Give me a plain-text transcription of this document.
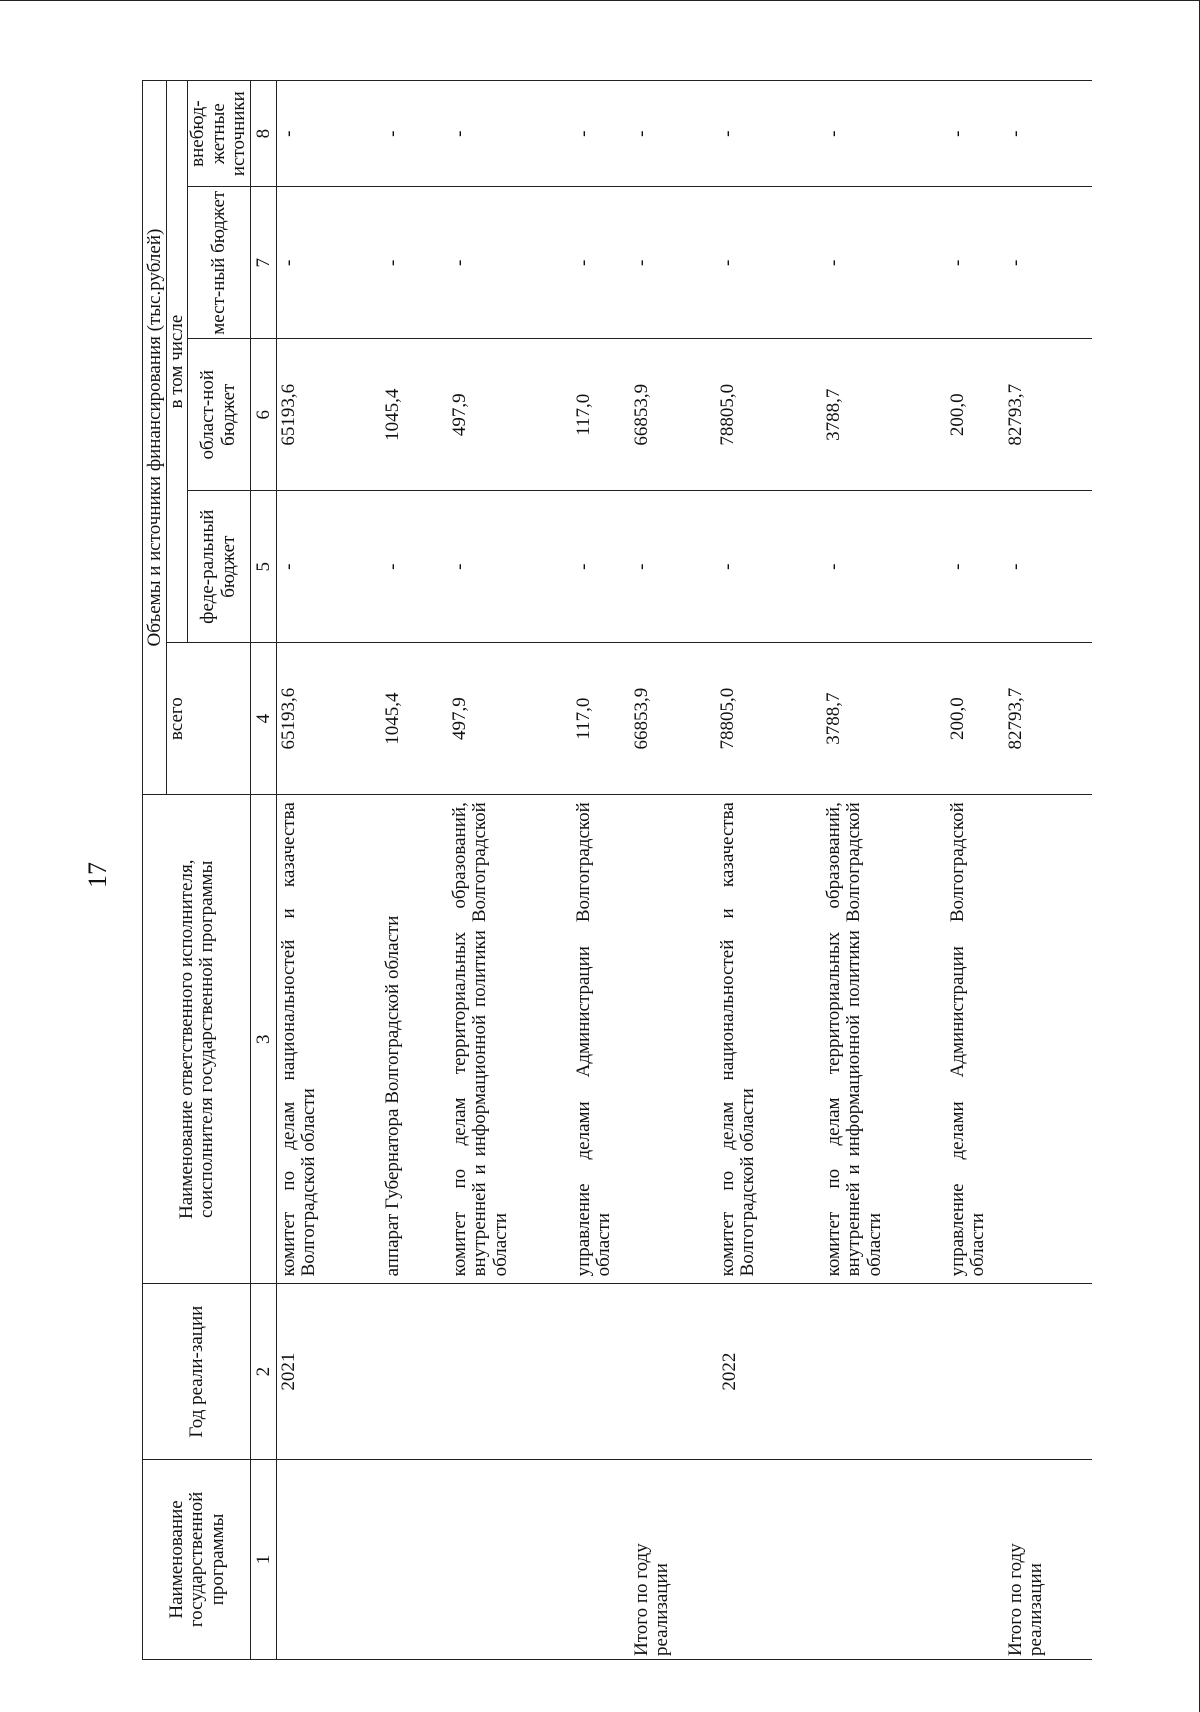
17
Наименование государственной программы	Год реали-зации	Наименование ответственного исполнителя, соисполнителя государственной программы	Объемы и источники финансирования (тыс.рублей)				
			всего	в том числе			
				феде-ральный бюджет	област-ной бюджет	мест-ный бюджет	внебюд-жетные источники
1	2	3	4	5	6	7	8
	2021	комитет по делам национальностей и казачества Волгоградской области	65193,6	-	65193,6	-	-
		аппарат Губернатора Волгоградской области	1045,4	-	1045,4	-	-
		комитет по делам территориальных образований, внутренней и информационной политики Волгоградской области	497,9	-	497,9	-	-
		управление делами Администрации Волгоградской области	117,0	-	117,0	-	-
Итого по году реализации			66853,9	-	66853,9	-	-
	2022	комитет по делам национальностей и казачества Волгоградской области	78805,0	-	78805,0	-	-
		комитет по делам территориальных образований, внутренней и информационной политики Волгоградской области	3788,7	-	3788,7	-	-
		управление делами Администрации Волгоградской области	200,0	-	200,0	-	-
Итого по году реализации			82793,7	-	82793,7	-	-
